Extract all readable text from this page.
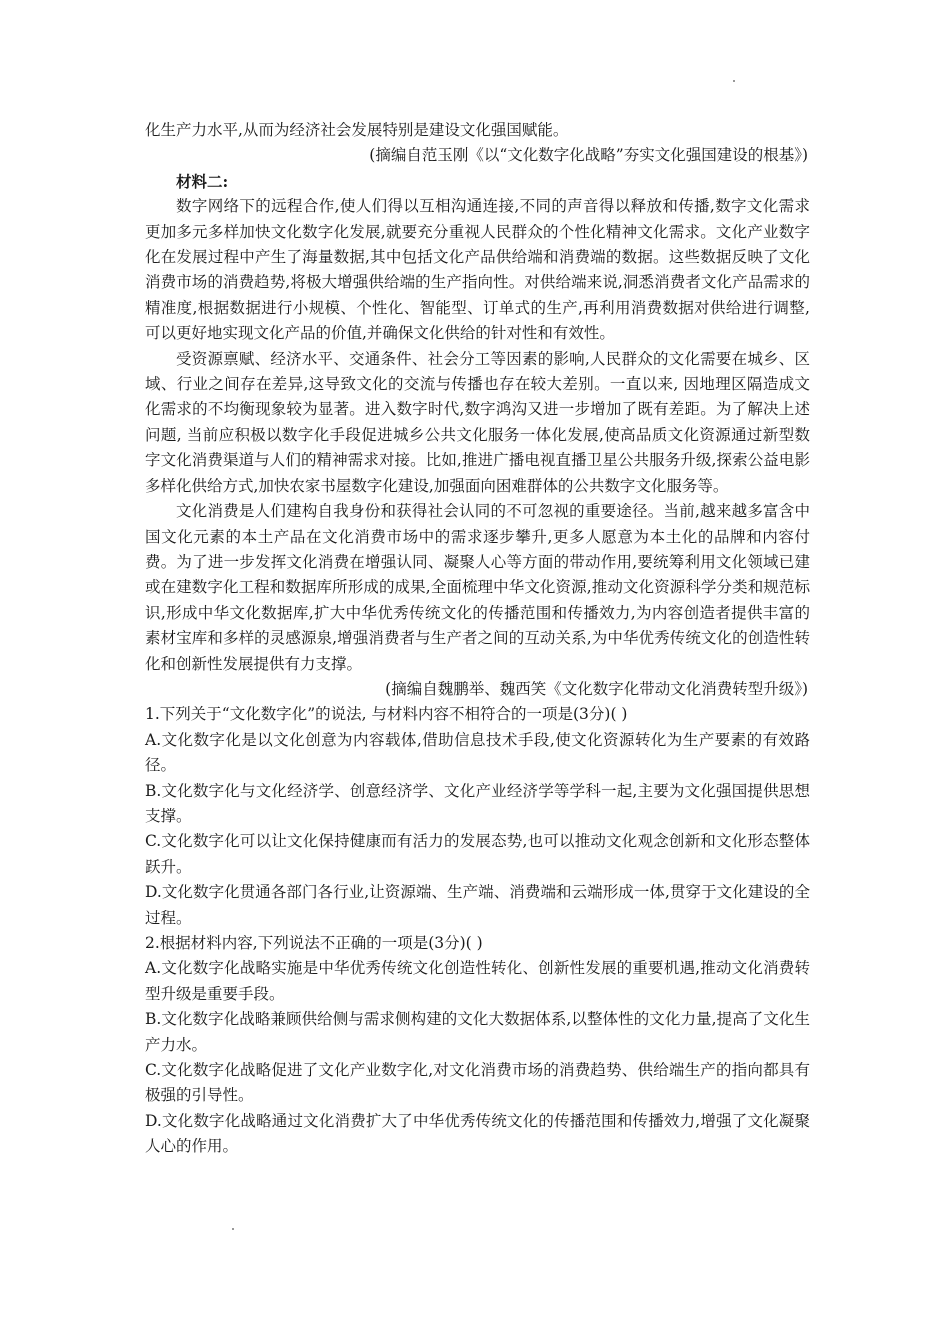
化生产力水平,从而为经济社会发展特别是建设文化强国赋能。

(摘编自范玉刚《以“文化数字化战略”夯实文化强国建设的根基》)

材料二:

数字网络下的远程合作,使人们得以互相沟通连接,不同的声音得以释放和传播,数字文化需求更加多元多样加快文化数字化发展,就要充分重视人民群众的个性化精神文化需求。文化产业数字化在发展过程中产生了海量数据,其中包括文化产品供给端和消费端的数据。这些数据反映了文化消费市场的消费趋势,将极大增强供给端的生产指向性。对供给端来说,洞悉消费者文化产品需求的精准度,根据数据进行小规模、个性化、智能型、订单式的生产,再利用消费数据对供给进行调整,可以更好地实现文化产品的价值,并确保文化供给的针对性和有效性。

受资源禀赋、经济水平、交通条件、社会分工等因素的影响,人民群众的文化需要在城乡、区域、行业之间存在差异,这导致文化的交流与传播也存在较大差别。一直以来, 因地理区隔造成文化需求的不均衡现象较为显著。进入数字时代,数字鸿沟又进一步增加了既有差距。为了解决上述问题, 当前应积极以数字化手段促进城乡公共文化服务一体化发展,使高品质文化资源通过新型数字文化消费渠道与人们的精神需求对接。比如,推进广播电视直播卫星公共服务升级,探索公益电影多样化供给方式,加快农家书屋数字化建设,加强面向困难群体的公共数字文化服务等。

文化消费是人们建构自我身份和获得社会认同的不可忽视的重要途径。当前,越来越多富含中国文化元素的本土产品在文化消费市场中的需求逐步攀升,更多人愿意为本土化的品牌和内容付费。为了进一步发挥文化消费在增强认同、凝聚人心等方面的带动作用,要统筹利用文化领域已建或在建数字化工程和数据库所形成的成果,全面梳理中华文化资源,推动文化资源科学分类和规范标识,形成中华文化数据库,扩大中华优秀传统文化的传播范围和传播效力,为内容创造者提供丰富的素材宝库和多样的灵感源泉,增强消费者与生产者之间的互动关系,为中华优秀传统文化的创造性转化和创新性发展提供有力支撑。

(摘编自魏鹏举、魏西笑《文化数字化带动文化消费转型升级》)

1.下列关于“文化数字化”的说法, 与材料内容不相符合的一项是(3分)( )

A.文化数字化是以文化创意为内容载体,借助信息技术手段,使文化资源转化为生产要素的有效路径。

B.文化数字化与文化经济学、创意经济学、文化产业经济学等学科一起,主要为文化强国提供思想支撑。

C.文化数字化可以让文化保持健康而有活力的发展态势,也可以推动文化观念创新和文化形态整体跃升。

D.文化数字化贯通各部门各行业,让资源端、生产端、消费端和云端形成一体,贯穿于文化建设的全过程。

2.根据材料内容,下列说法不正确的一项是(3分)( )

A.文化数字化战略实施是中华优秀传统文化创造性转化、创新性发展的重要机遇,推动文化消费转型升级是重要手段。

B.文化数字化战略兼顾供给侧与需求侧构建的文化大数据体系,以整体性的文化力量,提高了文化生产力水。

C.文化数字化战略促进了文化产业数字化,对文化消费市场的消费趋势、供给端生产的指向都具有极强的引导性。

D.文化数字化战略通过文化消费扩大了中华优秀传统文化的传播范围和传播效力,增强了文化凝聚人心的作用。
